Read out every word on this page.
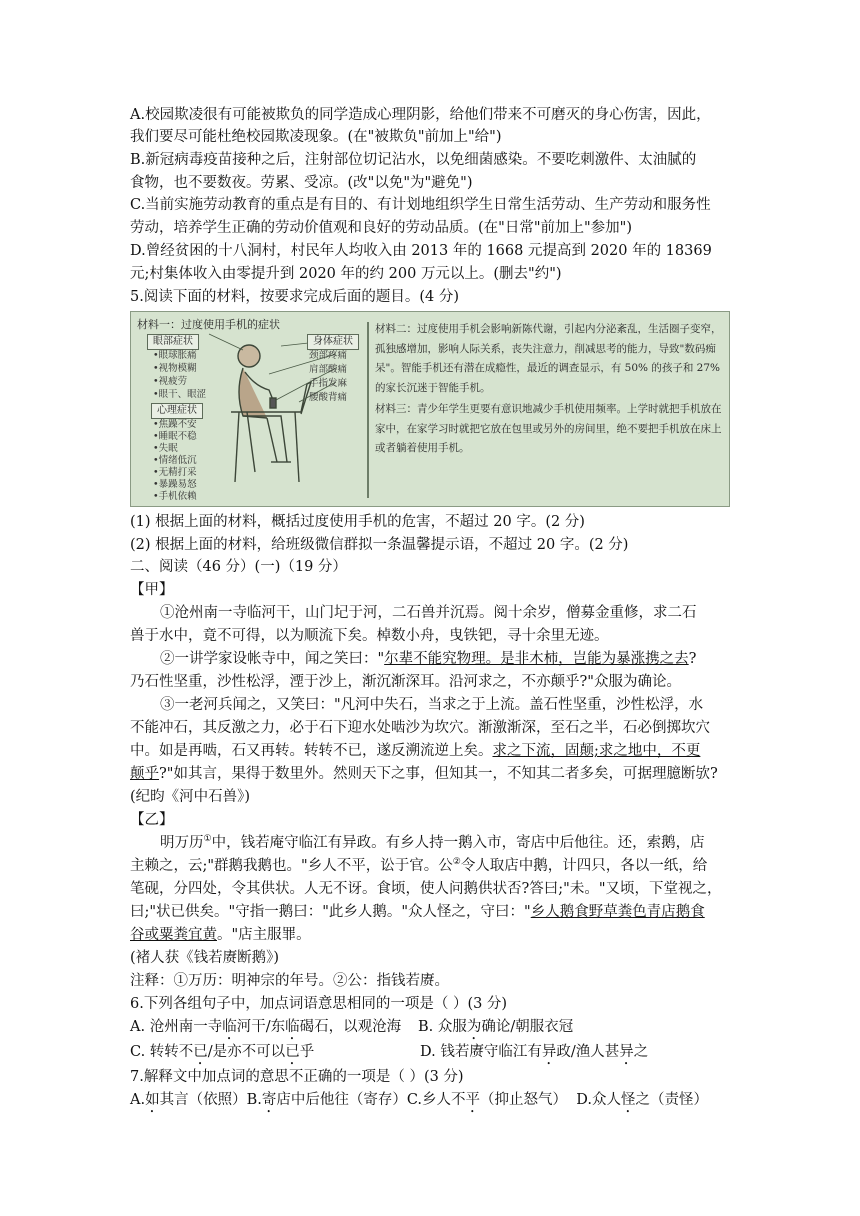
A.校园欺凌很有可能被欺负的同学造成心理阴影，给他们带来不可磨灭的身心伤害，因此，
我们要尽可能杜绝校园欺凌现象。(在"被欺负"前加上"给")
B.新冠病毒疫苗接种之后，注射部位切记沾水，以免细菌感染。不要吃刺激件、太油腻的
食物，也不要数夜。劳累、受凉。(改"以免"为"避免")
C.当前实施劳动教育的重点是有目的、有计划地组织学生日常生活劳动、生产劳动和服务性
劳动，培养学生正确的劳动价值观和良好的劳动品质。(在"日常"前加上"参加")
D.曾经贫困的十八洞村，村民年人均收入由 2013 年的 1668 元提高到 2020 年的 18369
元;村集体收入由零提升到 2020 年的约 200 万元以上。(删去"约")
5.阅读下面的材料，按要求完成后面的题目。(4 分)
材料一：过度使用手机的症状
眼部症状
•眼球胀痛
•视物模糊
•视疲劳
•眼干、眼涩
心理症状
•焦躁不安
•睡眠不稳
•失眠
•情绪低沉
•无精打采
•暴躁易怒
•手机依赖
身体症状
颈部疼痛
肩部酸痛
手指发麻
腰酸背痛
材料二：过度使用手机会影响新陈代谢，引起内分泌紊乱，生活圈子变窄，孤独感增加，影响人际关系，丧失注意力，削减思考的能力，导致"数码痴呆"。智能手机还有潜在成瘾性，最近的调查显示，有 50% 的孩子和 27% 的家长沉迷于智能手机。
材料三：青少年学生更要有意识地减少手机使用频率。上学时就把手机放在家中，在家学习时就把它放在包里或另外的房间里，绝不要把手机放在床上或者躺着使用手机。
(1) 根据上面的材料，概括过度使用手机的危害，不超过 20 字。(2 分)
(2) 根据上面的材料，给班级微信群拟一条温馨提示语，不超过 20 字。(2 分)
二、阅读（46 分）(一)（19 分）
【甲】
①沧州南一寺临河干，山门圮于河，二石兽并沉焉。阅十余岁，僧募金重修，求二石
兽于水中，竟不可得，以为顺流下矣。棹数小舟，曳铁钯，寻十余里无迹。
②一讲学家设帐寺中，闻之笑曰："尔辈不能究物理。是非木柿，岂能为暴涨携之去?
乃石性坚重，沙性松浮，湮于沙上，渐沉渐深耳。沿河求之，不亦颠乎?"众服为确论。
③一老河兵闻之，又笑曰："凡河中失石，当求之于上流。盖石性坚重，沙性松浮，水
不能冲石，其反激之力，必于石下迎水处啮沙为坎穴。渐激渐深，至石之半，石必倒掷坎穴
中。如是再啮，石又再转。转转不已，遂反溯流逆上矣。求之下流，固颠;求之地中，不更
颠乎?"如其言，果得于数里外。然则天下之事，但知其一，不知其二者多矣，可据理臆断欤?
(纪昀《河中石兽》)
【乙】
明万历①中，钱若庵守临江有异政。有乡人持一鹅入市，寄店中后他往。还，索鹅，店
主赖之，云;"群鹅我鹅也。"乡人不平，讼于官。公②令人取店中鹅，计四只，各以一纸，给
笔砚，分四处，令其供状。人无不讶。食顷，使人问鹅供状否?答曰;"未。"又顷，下堂视之，
曰;"状已供矣。"守指一鹅曰："此乡人鹅。"众人怪之，守曰："乡人鹅食野草粪色青店鹅食
谷或粟粪宜黄。"店主服罪。
(褚人获《钱若赓断鹅》)
注释：①万历：明神宗的年号。②公：指钱若赓。
6.下列各组句子中，加点词语意思相同的一项是（ ）(3 分)
A. 沧州南一寺临河干/东临碣石，以观沧海 B. 众服为确论/朝服衣冠
C. 转转不已/是亦不可以已乎	D. 钱若赓守临江有异政/渔人甚异之
7.解释文中加点词的意思不正确的一项是（ ）(3 分)
A.如其言（依照）B.寄店中后他往（寄存）C.乡人不平（抑止怒气） D.众人怪之（责怪）
